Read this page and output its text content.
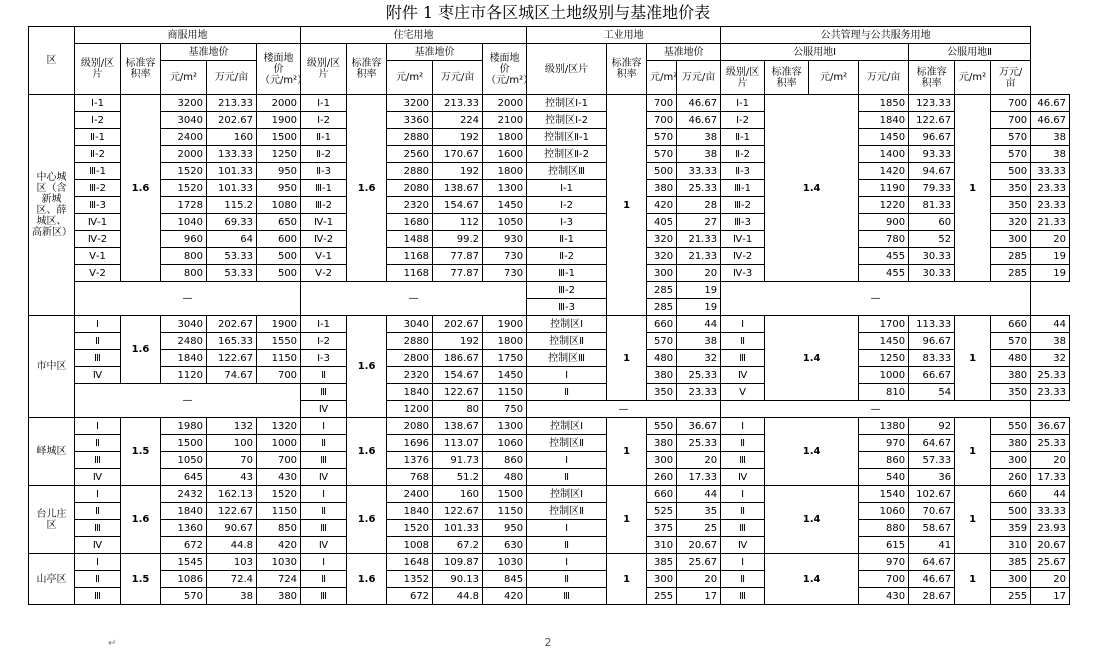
附件 1 枣庄市各区城区土地级别与基准地价表
区	商服用地					住宅用地					工业用地				公共管理与公共服务用地							
	级别/区片	标准容积率	基准地价		楼面地价（元/m²）	级别/区片	标准容积率	基准地价		楼面地价（元/m²）	级别/区片	标准容积率	基准地价		公服用地Ⅰ				公服用地Ⅱ			
			元/m²	万元/亩				元/m²	万元/亩				元/m²	万元/亩	级别/区片	标准容积率	元/m²	万元/亩	标准容积率	元/m²	万元/亩	
中心城区（含新城区、薛城区、高新区）	Ⅰ-1	1.6	3200	213.33	2000	Ⅰ-1	1.6	3200	213.33	2000	控制区Ⅰ-1	1	700	46.67	Ⅰ-1	1.4		1850	123.33	1	700	46.67
	Ⅰ-2		3040	202.67	1900	Ⅰ-2		3360	224	2100	控制区Ⅰ-2		700	46.67	Ⅰ-2			1840	122.67		700	46.67
	Ⅱ-1		2400	160	1500	Ⅱ-1		2880	192	1800	控制区Ⅱ-1		570	38	Ⅱ-1			1450	96.67		570	38
	Ⅱ-2		2000	133.33	1250	Ⅱ-2		2560	170.67	1600	控制区Ⅱ-2		570	38	Ⅱ-2			1400	93.33		570	38
	Ⅲ-1		1520	101.33	950	Ⅱ-3		2880	192	1800	控制区Ⅲ		500	33.33	Ⅱ-3			1420	94.67		500	33.33
	Ⅲ-2		1520	101.33	950	Ⅲ-1		2080	138.67	1300	Ⅰ-1		380	25.33	Ⅲ-1			1190	79.33		350	23.33
	Ⅲ-3		1728	115.2	1080	Ⅲ-2		2320	154.67	1450	Ⅰ-2		420	28	Ⅲ-2			1220	81.33		350	23.33
	Ⅳ-1		1040	69.33	650	Ⅳ-1		1680	112	1050	Ⅰ-3		405	27	Ⅲ-3			900	60		320	21.33
	Ⅳ-2		960	64	600	Ⅳ-2		1488	99.2	930	Ⅱ-1		320	21.33	Ⅳ-1			780	52		300	20
	Ⅴ-1		800	53.33	500	Ⅴ-1		1168	77.87	730	Ⅱ-2		320	21.33	Ⅳ-2			455	30.33		285	19
	Ⅴ-2		800	53.33	500	Ⅴ-2		1168	77.87	730	Ⅲ-1		300	20	Ⅳ-3			455	30.33		285	19
	—					—					Ⅲ-2		285	19	—							
											Ⅲ-3		285	19								
市中区	Ⅰ	1.6	3040	202.67	1900	Ⅰ-1	1.6	3040	202.67	1900	控制区Ⅰ	1	660	44	Ⅰ	1.4		1700	113.33	1	660	44
	Ⅱ		2480	165.33	1550	Ⅰ-2		2880	192	1800	控制区Ⅱ		570	38	Ⅱ			1450	96.67		570	38
	Ⅲ		1840	122.67	1150	Ⅰ-3		2800	186.67	1750	控制区Ⅲ		480	32	Ⅲ			1250	83.33		480	32
	Ⅳ		1120	74.67	700	Ⅱ		2320	154.67	1450	Ⅰ		380	25.33	Ⅳ			1000	66.67		380	25.33
	—					Ⅲ		1840	122.67	1150	Ⅱ		350	23.33	Ⅴ			810	54		350	23.33
						Ⅳ		1200	80	750	—				—							
峄城区	Ⅰ	1.5	1980	132	1320	Ⅰ	1.6	2080	138.67	1300	控制区Ⅰ	1	550	36.67	Ⅰ	1.4		1380	92	1	550	36.67
	Ⅱ		1500	100	1000	Ⅱ		1696	113.07	1060	控制区Ⅱ		380	25.33	Ⅱ			970	64.67		380	25.33
	Ⅲ		1050	70	700	Ⅲ		1376	91.73	860	Ⅰ		300	20	Ⅲ			860	57.33		300	20
	Ⅳ		645	43	430	Ⅳ		768	51.2	480	Ⅱ		260	17.33	Ⅳ			540	36		260	17.33
台儿庄区	Ⅰ	1.6	2432	162.13	1520	Ⅰ	1.6	2400	160	1500	控制区Ⅰ	1	660	44	Ⅰ	1.4		1540	102.67	1	660	44
	Ⅱ		1840	122.67	1150	Ⅱ		1840	122.67	1150	控制区Ⅱ		525	35	Ⅱ			1060	70.67		500	33.33
	Ⅲ		1360	90.67	850	Ⅲ		1520	101.33	950	Ⅰ		375	25	Ⅲ			880	58.67		359	23.93
	Ⅳ		672	44.8	420	Ⅳ		1008	67.2	630	Ⅱ		310	20.67	Ⅳ			615	41		310	20.67
山亭区	Ⅰ	1.5	1545	103	1030	Ⅰ	1.6	1648	109.87	1030	Ⅰ	1	385	25.67	Ⅰ	1.4		970	64.67	1	385	25.67
	Ⅱ		1086	72.4	724	Ⅱ		1352	90.13	845	Ⅱ		300	20	Ⅱ			700	46.67		300	20
	Ⅲ		570	38	380	Ⅲ		672	44.8	420	Ⅲ		255	17	Ⅲ			430	28.67		255	17
2
↵
